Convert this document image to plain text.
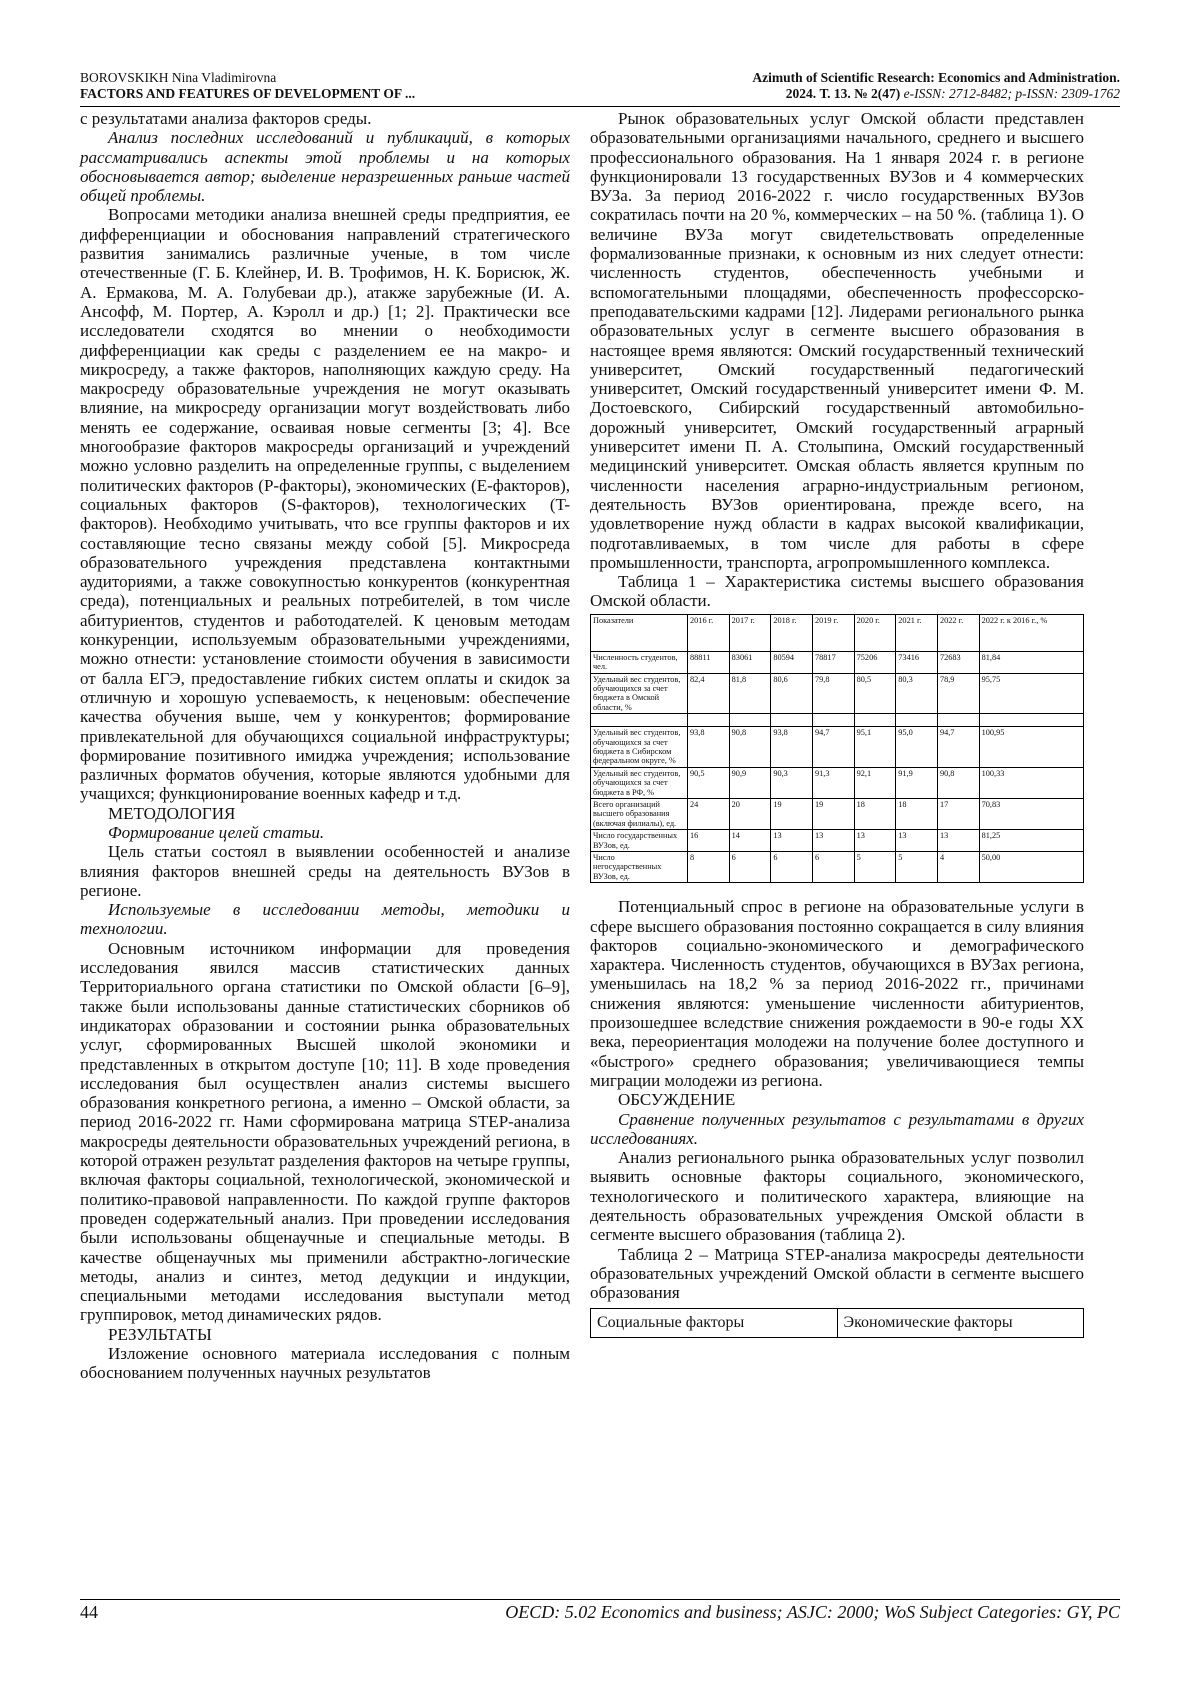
BOROVSKIKH Nina Vladimirovna
FACTORS AND FEATURES OF DEVELOPMENT OF ...
Azimuth of Scientific Research: Economics and Administration.
2024. Т. 13. № 2(47) e-ISSN: 2712-8482; p-ISSN: 2309-1762

с результатами анализа факторов среды.

Анализ последних исследований и публикаций, в которых рассматривались аспекты этой проблемы и на которых обосновывается автор; выделение неразрешенных раньше частей общей проблемы.

Вопросами методики анализа внешней среды предприятия, ее дифференциации и обоснования направлений стратегического развития занимались различные ученые, в том числе отечественные (Г. Б. Клейнер, И. В. Трофимов, Н. К. Борисюк, Ж. А. Ермакова, М. А. Голубеваи др.), атакже зарубежные (И. А. Ансофф, М. Портер, А. Кэролл и др.) [1; 2]. Практически все исследователи сходятся во мнении о необходимости дифференциации как среды с разделением ее на макро- и микросреду, а также факторов, наполняющих каждую среду. На макросреду образовательные учреждения не могут оказывать влияние, на микросреду организации могут воздействовать либо менять ее содержание, осваивая новые сегменты [3; 4]. Все многообразие факторов макросреды организаций и учреждений можно условно разделить на определенные группы, с выделением политических факторов (P-факторы), экономических (E-факторов), социальных факторов (S-факторов), технологических (T-факторов). Необходимо учитывать, что все группы факторов и их составляющие тесно связаны между собой [5]. Микросреда образовательного учреждения представлена контактными аудиториями, а также совокупностью конкурентов (конкурентная среда), потенциальных и реальных потребителей, в том числе абитуриентов, студентов и работодателей. К ценовым методам конкуренции, используемым образовательными учреждениями, можно отнести: установление стоимости обучения в зависимости от балла ЕГЭ, предоставление гибких систем оплаты и скидок за отличную и хорошую успеваемость, к неценовым: обеспечение качества обучения выше, чем у конкурентов; формирование привлекательной для обучающихся социальной инфраструктуры; формирование позитивного имиджа учреждения; использование различных форматов обучения, которые являются удобными для учащихся; функционирование военных кафедр и т.д.

МЕТОДОЛОГИЯ

Формирование целей статьи.

Цель статьи состоял в выявлении особенностей и анализе влияния факторов внешней среды на деятельность ВУЗов в регионе.

Используемые в исследовании методы, методики и технологии.

Основным источником информации для проведения исследования явился массив статистических данных Территориального органа статистики по Омской области [6–9], также были использованы данные статистических сборников об индикаторах образовании и состоянии рынка образовательных услуг, сформированных Высшей школой экономики и представленных в открытом доступе [10; 11]. В ходе проведения исследования был осуществлен анализ системы высшего образования конкретного региона, а именно – Омской области, за период 2016-2022 гг. Нами сформирована матрица STEP-анализа макросреды деятельности образовательных учреждений региона, в которой отражен результат разделения факторов на четыре группы, включая факторы социальной, технологической, экономической и политико-правовой направленности. По каждой группе факторов проведен содержательный анализ. При проведении исследования были использованы общенаучные и специальные методы. В качестве общенаучных мы применили абстрактно-логические методы, анализ и синтез, метод дедукции и индукции, специальными методами исследования выступали метод группировок, метод динамических рядов.

РЕЗУЛЬТАТЫ

Изложение основного материала исследования с полным обоснованием полученных научных результатов

Рынок образовательных услуг Омской области представлен образовательными организациями начального, среднего и высшего профессионального образования. На 1 января 2024 г. в регионе функционировали 13 государственных ВУЗов и 4 коммерческих ВУЗа. За период 2016-2022 г. число государственных ВУЗов сократилась почти на 20 %, коммерческих – на 50 %. (таблица 1). О величине ВУЗа могут свидетельствовать определенные формализованные признаки, к основным из них следует отнести: численность студентов, обеспеченность учебными и вспомогательными площадями, обеспеченность профессорско-преподавательскими кадрами [12]. Лидерами регионального рынка образовательных услуг в сегменте высшего образования в настоящее время являются: Омский государственный технический университет, Омский государственный педагогический университет, Омский государственный университет имени Ф. М. Достоевского, Сибирский государственный автомобильно-дорожный университет, Омский государственный аграрный университет имени П. А. Столыпина, Омский государственный медицинский университет. Омская область является крупным по численности населения аграрно-индустриальным регионом, деятельность ВУЗов ориентирована, прежде всего, на удовлетворение нужд области в кадрах высокой квалификации, подготавливаемых, в том числе для работы в сфере промышленности, транспорта, агропромышленного комплекса.

Таблица 1 – Характеристика системы высшего образования Омской области.

Показатели	2016 г.	2017 г.	2018 г.	2019 г.	2020 г.	2021 г.	2022 г.	2022 г. к 2016 г., %
Численность студентов, чел.	88811	83061	80594	78817	75206	73416	72683	81,84
Удельный вес студентов, обучающихся за счет бюджета в Омской области, %	82,4	81,8	80,6	79,8	80,5	80,3	78,9	95,75

Удельный вес студентов, обучающихся за счет бюджета в Сибирском федеральном округе, %	93,8	90,8	93,8	94,7	95,1	95,0	94,7	100,95
Удельный вес студентов, обучающихся за счет бюджета в РФ, %	90,5	90,9	90,3	91,3	92,1	91,9	90,8	100,33
Всего организаций высшего образования (включая филиалы), ед.	24	20	19	19	18	18	17	70,83
Число государственных ВУЗов, ед.	16	14	13	13	13	13	13	81,25
Число негосударственных ВУЗов, ед.	8	6	6	6	5	5	4	50,00

Потенциальный спрос в регионе на образовательные услуги в сфере высшего образования постоянно сокращается в силу влияния факторов социально-экономического и демографического характера. Численность студентов, обучающихся в ВУЗах региона, уменьшилась на 18,2 % за период 2016-2022 гг., причинами снижения являются: уменьшение численности абитуриентов, произошедшее вследствие снижения рождаемости в 90-е годы XX века, переориентация молодежи на получение более доступного и «быстрого» среднего образования; увеличивающиеся темпы миграции молодежи из региона.

ОБСУЖДЕНИЕ

Сравнение полученных результатов с результатами в других исследованиях.

Анализ регионального рынка образовательных услуг позволил выявить основные факторы социального, экономического, технологического и политического характера, влияющие на деятельность образовательных учреждения Омской области в сегменте высшего образования (таблица 2).

Таблица 2 – Матрица STEP-анализа макросреды деятельности образовательных учреждений Омской области в сегменте высшего образования

Социальные факторы	Экономические факторы
44	OECD: 5.02 Economics and business; ASJC: 2000; WoS Subject Categories: GY, PC
